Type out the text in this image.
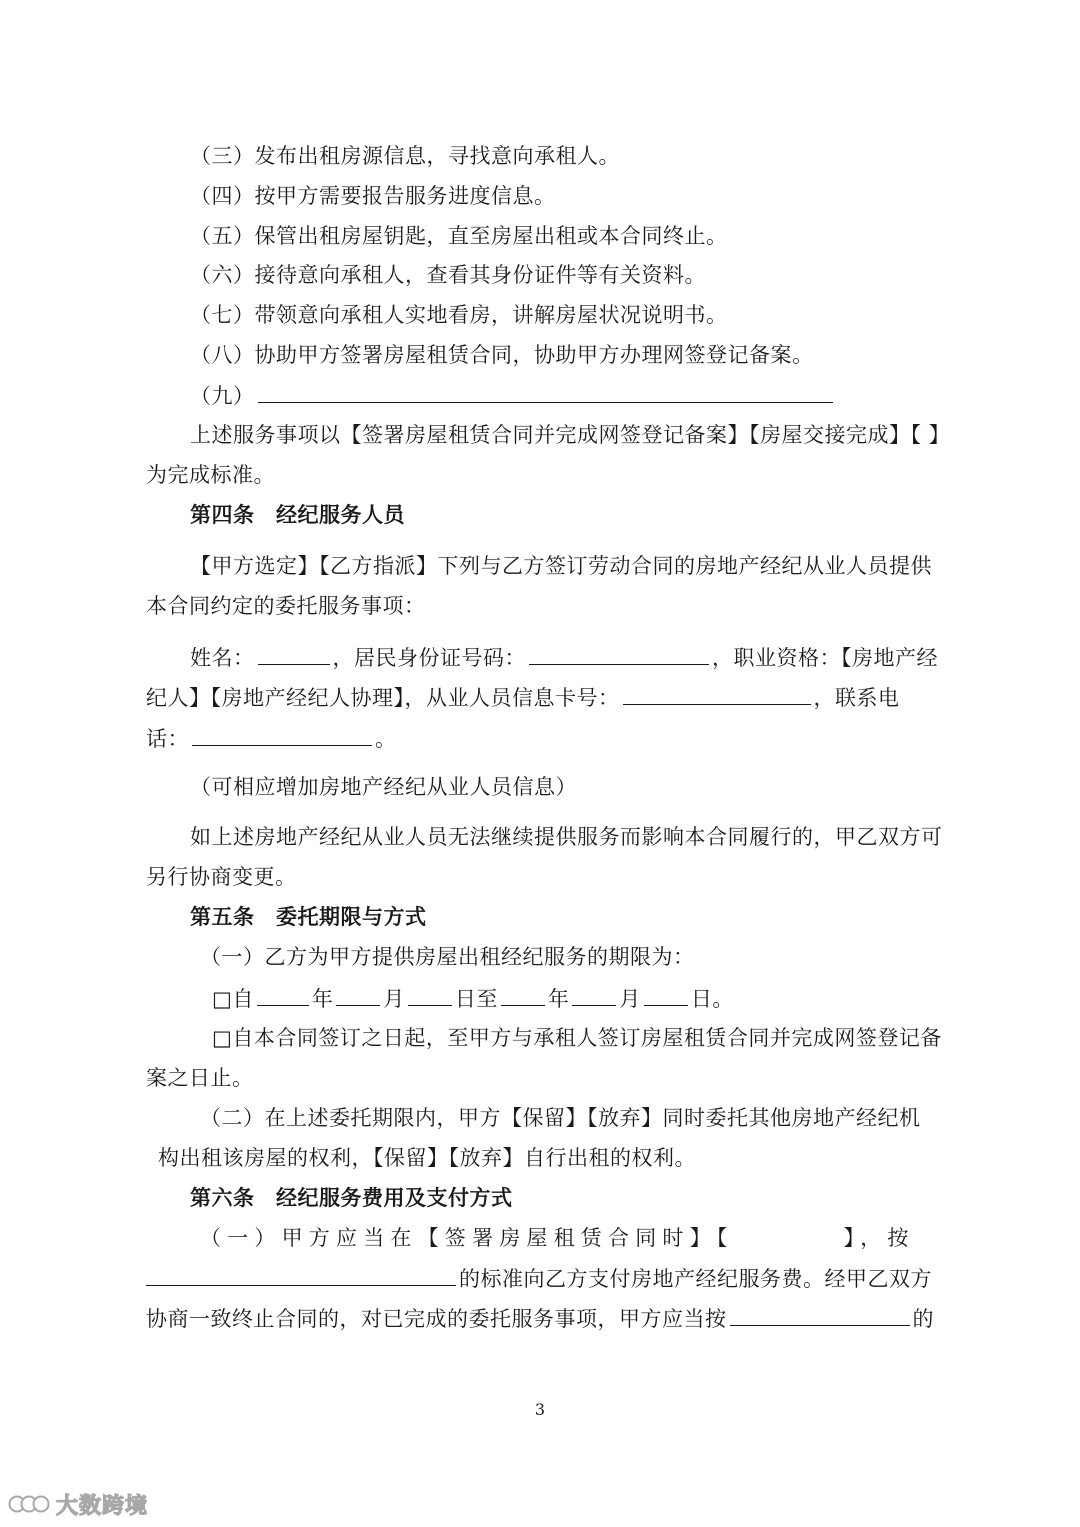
（三）发布出租房源信息，寻找意向承租人。
（四）按甲方需要报告服务进度信息。
（五）保管出租房屋钥匙，直至房屋出租或本合同终止。
（六）接待意向承租人，查看其身份证件等有关资料。
（七）带领意向承租人实地看房，讲解房屋状况说明书。
（八）协助甲方签署房屋租赁合同，协助甲方办理网签登记备案。
（九）
上述服务事项以【签署房屋租赁合同并完成网签登记备案】【房屋交接完成】【 】
为完成标准。
第四条　经纪服务人员
【甲方选定】【乙方指派】下列与乙方签订劳动合同的房地产经纪从业人员提供
本合同约定的委托服务事项：
姓名：	，居民身份证号码：	，职业资格：【房地产经
纪人】【房地产经纪人协理】，从业人员信息卡号：	，联系电
话：	。
（可相应增加房地产经纪从业人员信息）
如上述房地产经纪从业人员无法继续提供服务而影响本合同履行的，甲乙双方可
另行协商变更。
第五条　委托期限与方式
（一）乙方为甲方提供房屋出租经纪服务的期限为：
□自	年 月 日至 年 月 日。
□自本合同签订之日起，至甲方与承租人签订房屋租赁合同并完成网签登记备
案之日止。
（二）在上述委托期限内，甲方【保留】【放弃】同时委托其他房地产经纪机
构出租该房屋的权利，【保留】【放弃】自行出租的权利。
第六条　经纪服务费用及支付方式
（一）甲方应当在【签署房屋租赁合同时】【	】，按
的标准向乙方支付房地产经纪服务费。经甲乙双方
协商一致终止合同的，对已完成的委托服务事项，甲方应当按	的
3
大数跨境
